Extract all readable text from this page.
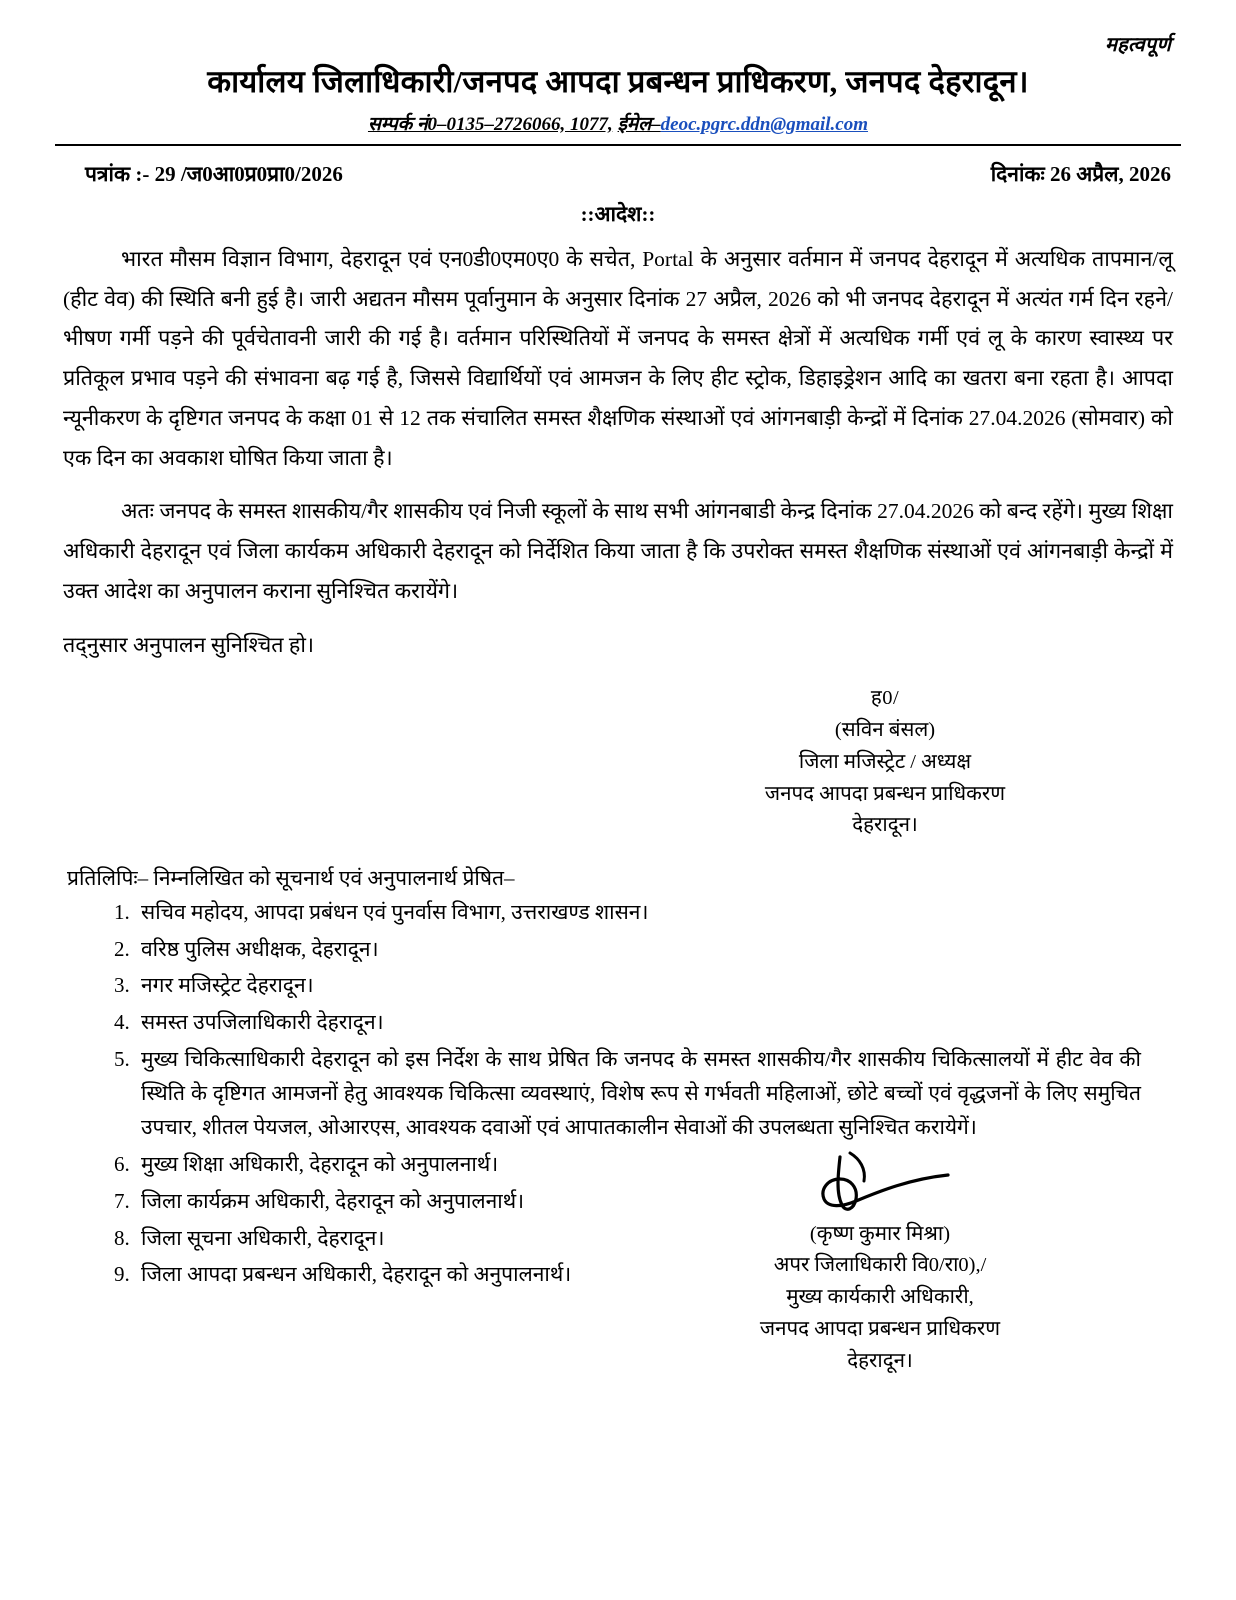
महत्वपूर्ण
कार्यालय जिलाधिकारी/जनपद आपदा प्रबन्धन प्राधिकरण, जनपद देहरादून।
सम्पर्क नं0–0135–2726066, 1077, ईमेल–deoc.pgrc.ddn@gmail.com
पत्रांक :- 29 /ज0आ0प्र0प्रा0/2026	दिनांकः 26 अप्रैल, 2026
::आदेश::

भारत मौसम विज्ञान विभाग, देहरादून एवं एन0डी0एम0ए0 के सचेत, Portal के अनुसार वर्तमान में जनपद देहरादून में अत्यधिक तापमान/लू (हीट वेव) की स्थिति बनी हुई है। जारी अद्यतन मौसम पूर्वानुमान के अनुसार दिनांक 27 अप्रैल, 2026 को भी जनपद देहरादून में अत्यंत गर्म दिन रहने/भीषण गर्मी पड़ने की पूर्वचेतावनी जारी की गई है। वर्तमान परिस्थितियों में जनपद के समस्त क्षेत्रों में अत्यधिक गर्मी एवं लू के कारण स्वास्थ्य पर प्रतिकूल प्रभाव पड़ने की संभावना बढ़ गई है, जिससे विद्यार्थियों एवं आमजन के लिए हीट स्ट्रोक, डिहाइड्रेशन आदि का खतरा बना रहता है। आपदा न्यूनीकरण के दृष्टिगत जनपद के कक्षा 01 से 12 तक संचालित समस्त शैक्षणिक संस्थाओं एवं आंगनबाड़ी केन्द्रों में दिनांक 27.04.2026 (सोमवार) को एक दिन का अवकाश घोषित किया जाता है।

अतः जनपद के समस्त शासकीय/गैर शासकीय एवं निजी स्कूलों के साथ सभी आंगनबाडी केन्द्र दिनांक 27.04.2026 को बन्द रहेंगे। मुख्य शिक्षा अधिकारी देहरादून एवं जिला कार्यकम अधिकारी देहरादून को निर्देशित किया जाता है कि उपरोक्त समस्त शैक्षणिक संस्थाओं एवं आंगनबाड़ी केन्द्रों में उक्त आदेश का अनुपालन कराना सुनिश्चित करायेंगे।

तद्नुसार अनुपालन सुनिश्चित हो।

ह0/
(सविन बंसल)
जिला मजिस्ट्रेट / अध्यक्ष
जनपद आपदा प्रबन्धन प्राधिकरण
देहरादून।
प्रतिलिपिः– निम्नलिखित को सूचनार्थ एवं अनुपालनार्थ प्रेषित–
1. सचिव महोदय, आपदा प्रबंधन एवं पुनर्वास विभाग, उत्तराखण्ड शासन।
2. वरिष्ठ पुलिस अधीक्षक, देहरादून।
3. नगर मजिस्ट्रेट देहरादून।
4. समस्त उपजिलाधिकारी देहरादून।
5. मुख्य चिकित्साधिकारी देहरादून को इस निर्देश के साथ प्रेषित कि जनपद के समस्त शासकीय/गैर शासकीय चिकित्सालयों में हीट वेव की स्थिति के दृष्टिगत आमजनों हेतु आवश्यक चिकित्सा व्यवस्थाएं, विशेष रूप से गर्भवती महिलाओं, छोटे बच्चों एवं वृद्धजनों के लिए समुचित उपचार, शीतल पेयजल, ओआरएस, आवश्यक दवाओं एवं आपातकालीन सेवाओं की उपलब्धता सुनिश्चित करायेगें।
6. मुख्य शिक्षा अधिकारी, देहरादून को अनुपालनार्थ।
7. जिला कार्यक्रम अधिकारी, देहरादून को अनुपालनार्थ।
8. जिला सूचना अधिकारी, देहरादून।
9. जिला आपदा प्रबन्धन अधिकारी, देहरादून को अनुपालनार्थ।
(कृष्ण कुमार मिश्रा)
अपर जिलाधिकारी वि0/रा0),/
मुख्य कार्यकारी अधिकारी,
जनपद आपदा प्रबन्धन प्राधिकरण
देहरादून।
